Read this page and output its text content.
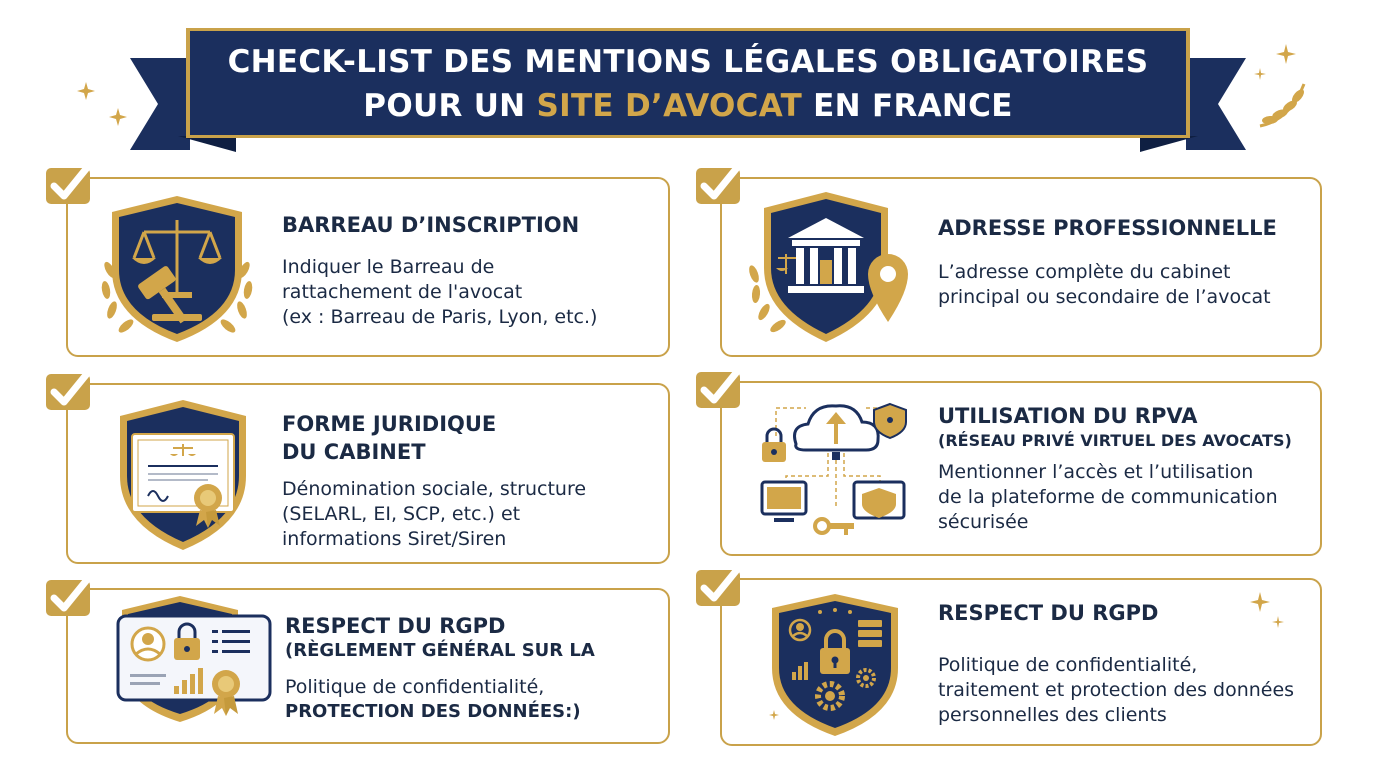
CHECK-LIST DES MENTIONS LÉGALES OBLIGATOIRES
POUR UN SITE D’AVOCAT EN FRANCE
BARREAU D’INSCRIPTION
Indiquer le Barreau de
rattachement de l'avocat
(ex : Barreau de Paris, Lyon, etc.)
ADRESSE PROFESSIONNELLE
L’adresse complète du cabinet
principal ou secondaire de l’avocat
FORME JURIDIQUE
DU CABINET
Dénomination sociale, structure
(SELARL, EI, SCP, etc.) et
informations Siret/Siren
UTILISATION DU RPVA
(RÉSEAU PRIVÉ VIRTUEL DES AVOCATS)
Mentionner l’accès et l’utilisation
de la plateforme de communication
sécurisée
RESPECT DU RGPD
(RÈGLEMENT GÉNÉRAL SUR LA
Politique de confidentialité,
PROTECTION DES DONNÉES:)
RESPECT DU RGPD
Politique de confidentialité,
traitement et protection des données
personnelles des clients
